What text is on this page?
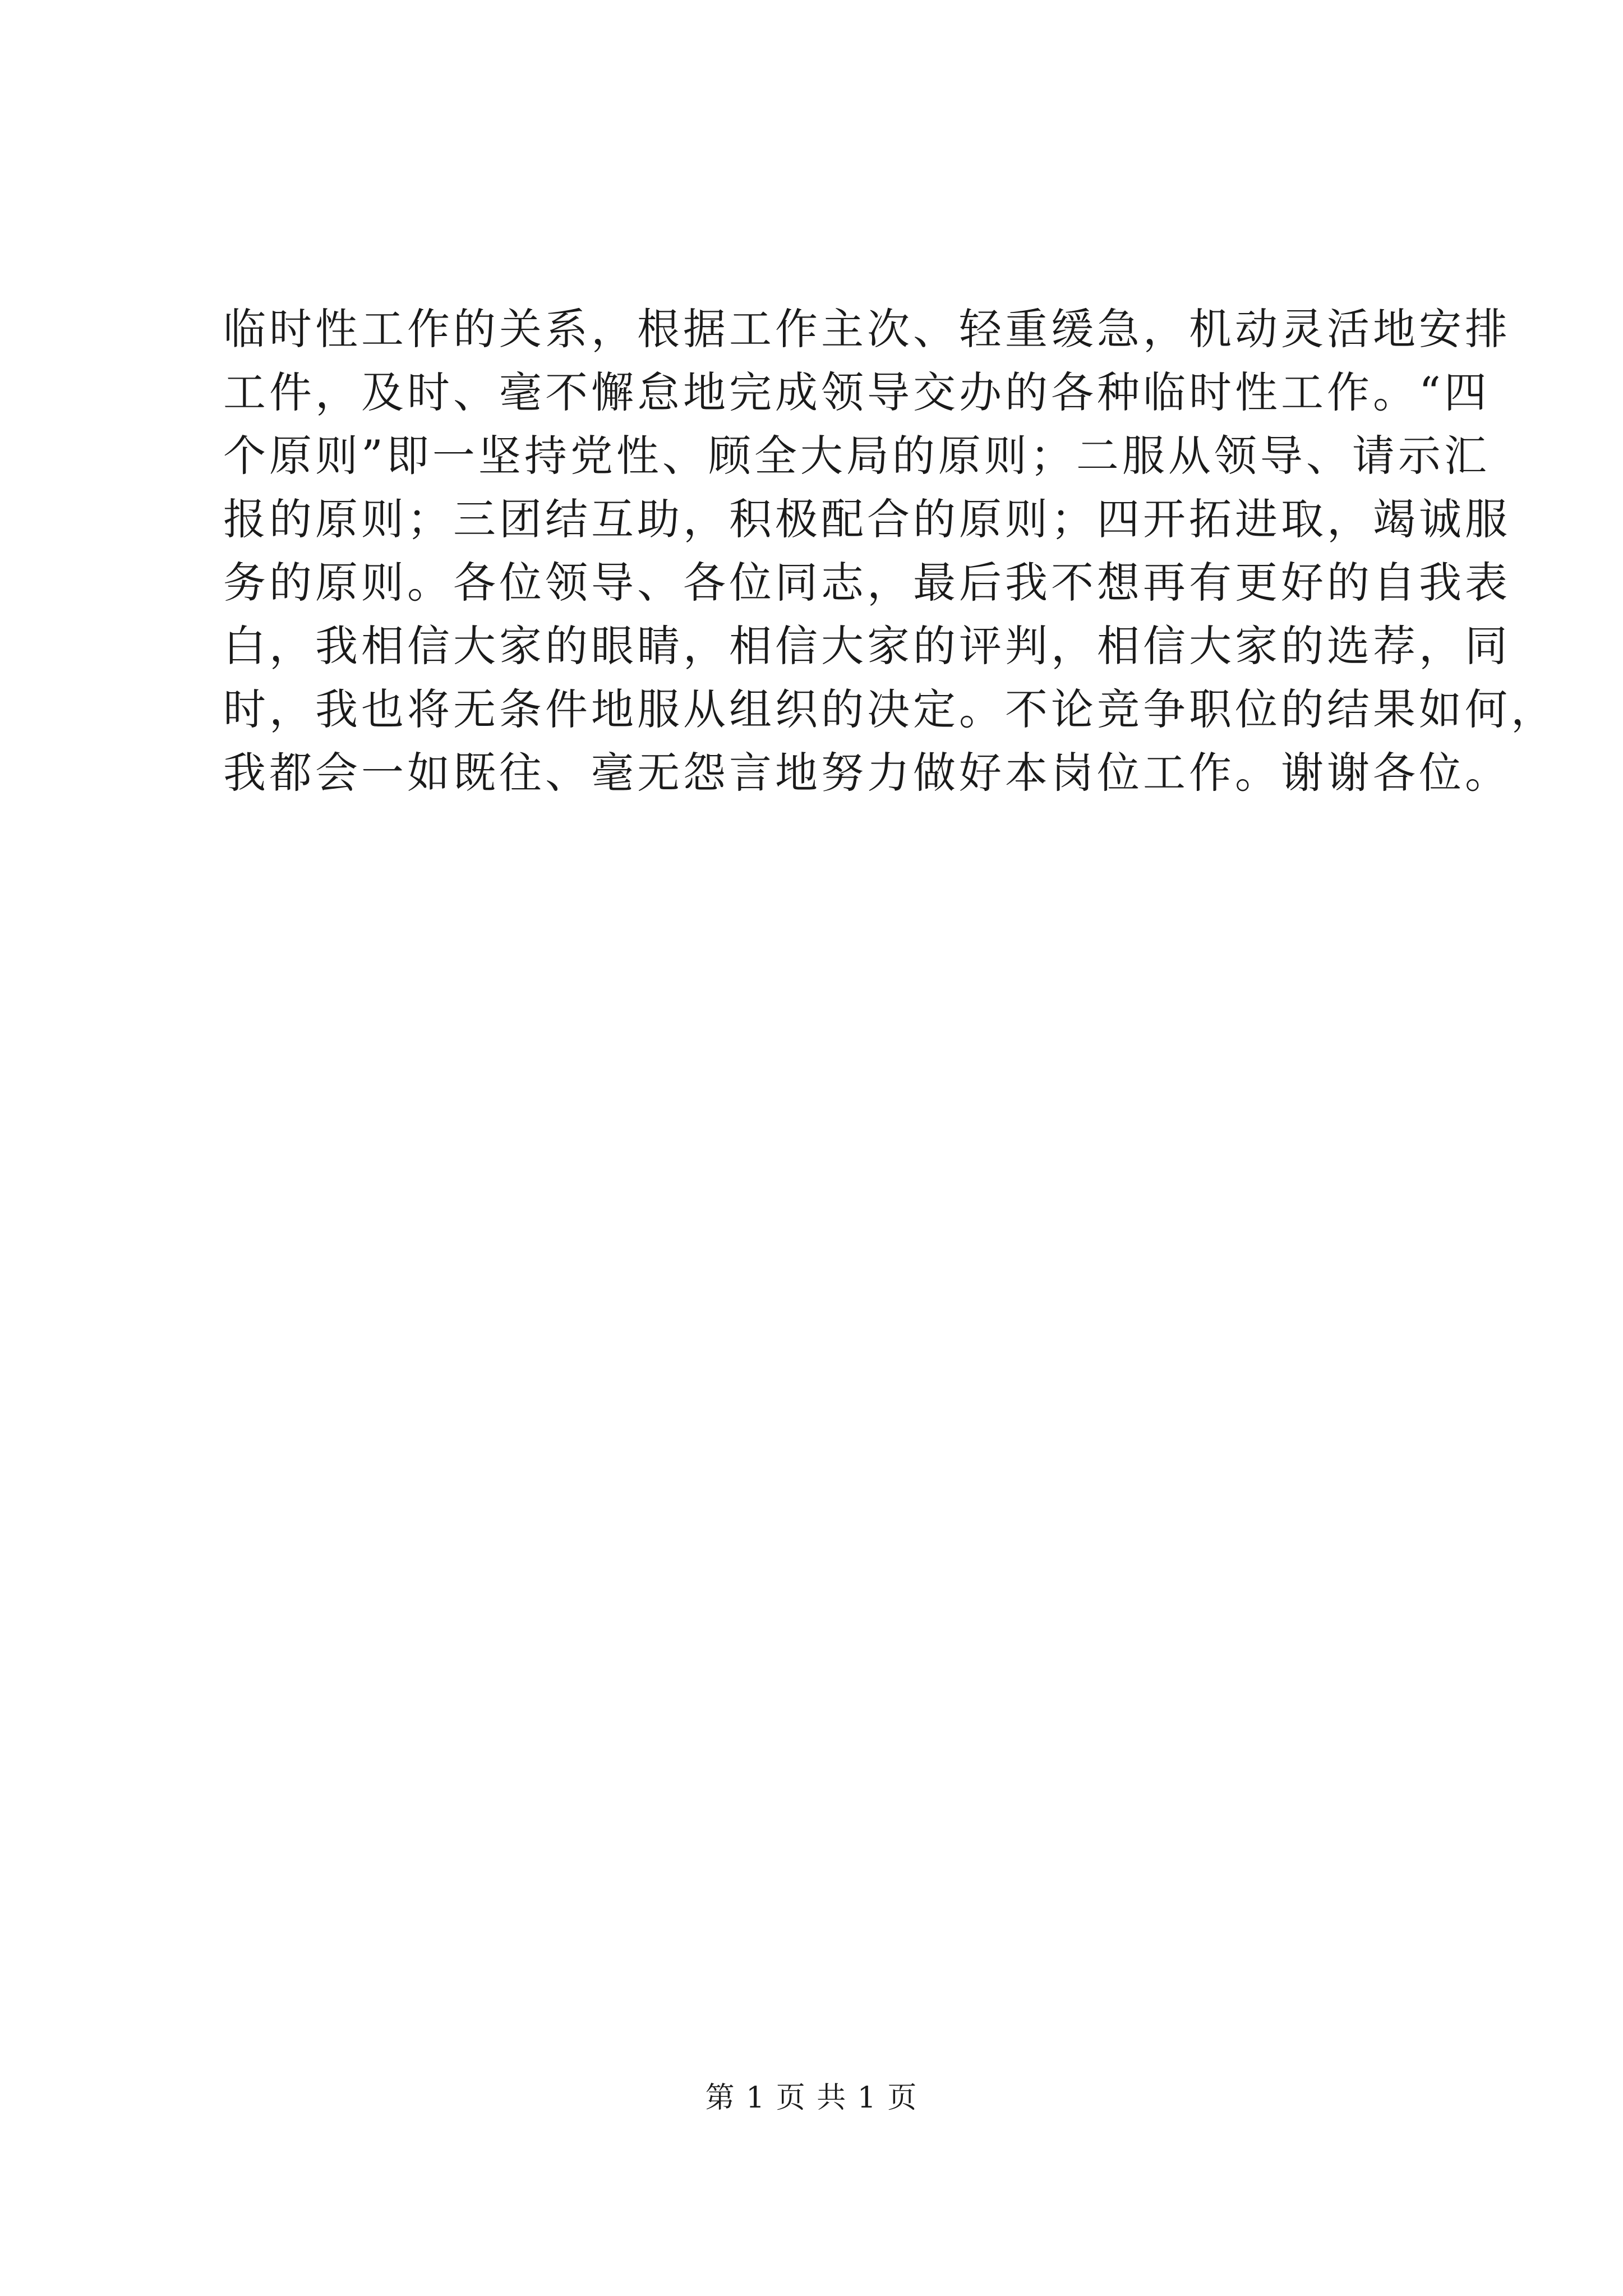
临时性工作的关系，根据工作主次、轻重缓急，机动灵活地安排
工件，及时、毫不懈怠地完成领导交办的各种临时性工作。“四
个原则”即一坚持党性、顾全大局的原则；二服从领导、请示汇
报的原则；三团结互助，积极配合的原则；四开拓进取，竭诚服
务的原则。各位领导、各位同志，最后我不想再有更好的自我表
白，我相信大家的眼睛，相信大家的评判，相信大家的选荐，同
时，我也将无条件地服从组织的决定。不论竞争职位的结果如何，
我都会一如既往、毫无怨言地努力做好本岗位工作。谢谢各位。
第 1 页 共 1 页
